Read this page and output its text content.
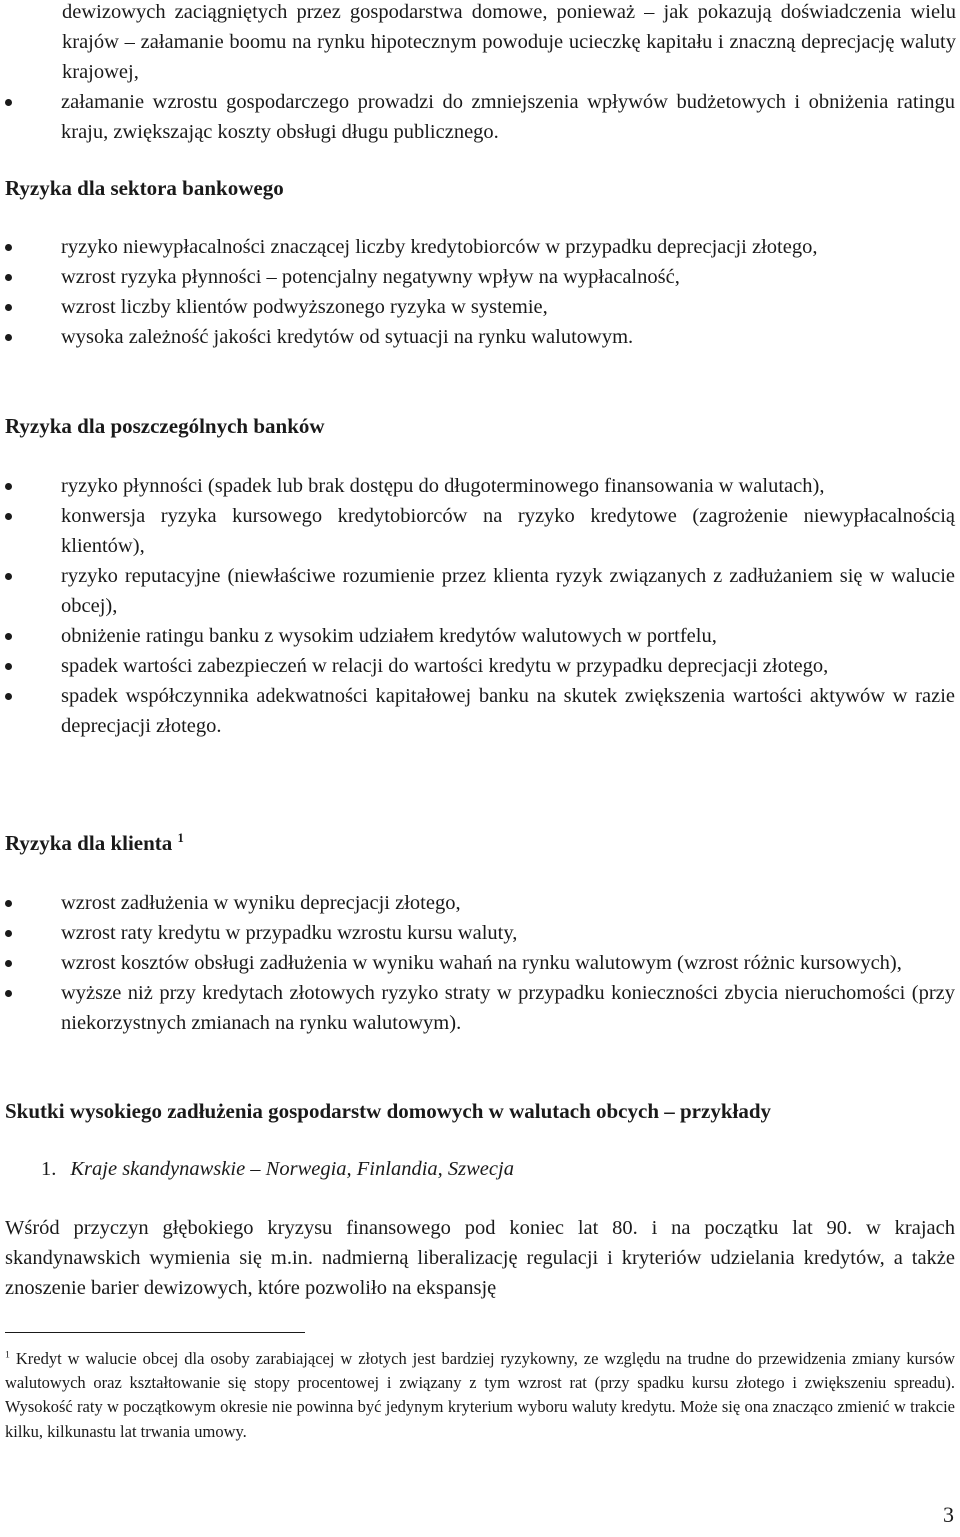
dewizowych zaciągniętych przez gospodarstwa domowe, ponieważ – jak pokazują doświadczenia wielu krajów – załamanie boomu na rynku hipotecznym powoduje ucieczkę kapitału i znaczną deprecjację waluty krajowej,

załamanie wzrostu gospodarczego prowadzi do zmniejszenia wpływów budżetowych i obniżenia ratingu kraju, zwiększając koszty obsługi długu publicznego.
Ryzyka dla sektora bankowego
ryzyko niewypłacalności znaczącej liczby kredytobiorców w przypadku deprecjacji złotego,
wzrost ryzyka płynności – potencjalny negatywny wpływ na wypłacalność,
wzrost liczby klientów podwyższonego ryzyka w systemie,
wysoka zależność jakości kredytów od sytuacji na rynku walutowym.
Ryzyka dla poszczególnych banków
ryzyko płynności (spadek lub brak dostępu do długoterminowego finansowania w walutach),
konwersja ryzyka kursowego kredytobiorców na ryzyko kredytowe (zagrożenie niewypłacalnością klientów),
ryzyko reputacyjne (niewłaściwe rozumienie przez klienta ryzyk związanych z zadłużaniem się w walucie obcej),
obniżenie ratingu banku z wysokim udziałem kredytów walutowych w portfelu,
spadek wartości zabezpieczeń w relacji do wartości kredytu w przypadku deprecjacji złotego,
spadek współczynnika adekwatności kapitałowej banku na skutek zwiększenia wartości aktywów w razie deprecjacji złotego.
Ryzyka dla klienta $^1$
wzrost zadłużenia w wyniku deprecjacji złotego,
wzrost raty kredytu w przypadku wzrostu kursu waluty,
wzrost kosztów obsługi zadłużenia w wyniku wahań na rynku walutowym (wzrost różnic kursowych),
wyższe niż przy kredytach złotowych ryzyko straty w przypadku konieczności zbycia nieruchomości (przy niekorzystnych zmianach na rynku walutowym).
Skutki wysokiego zadłużenia gospodarstw domowych w walutach obcych – przykłady
1. Kraje skandynawskie – Norwegia, Finlandia, Szwecja

Wśród przyczyn głębokiego kryzysu finansowego pod koniec lat 80. i na początku lat 90. w krajach skandynawskich wymienia się m.in. nadmierną liberalizację regulacji i kryteriów udzielania kredytów, a także znoszenie barier dewizowych, które pozwoliło na ekspansję

$^1$ Kredyt w walucie obcej dla osoby zarabiającej w złotych jest bardziej ryzykowny, ze względu na trudne do przewidzenia zmiany kursów walutowych oraz kształtowanie się stopy procentowej i związany z tym wzrost rat (przy spadku kursu złotego i zwiększeniu spreadu). Wysokość raty w początkowym okresie nie powinna być jedynym kryterium wyboru waluty kredytu. Może się ona znacząco zmienić w trakcie kilku, kilkunastu lat trwania umowy.

3
